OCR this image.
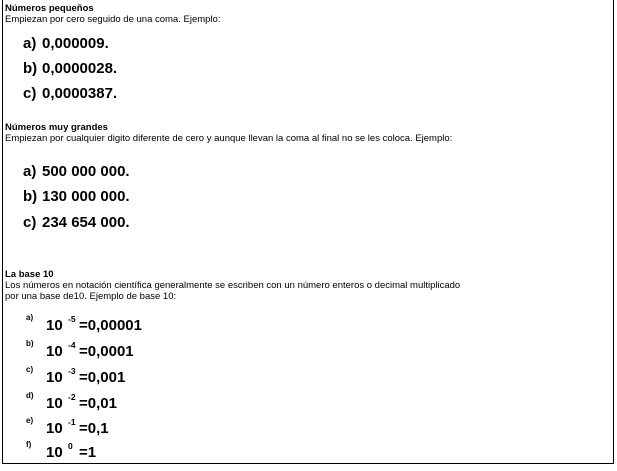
Números pequeños
Empiezan por cero seguido de una coma. Ejemplo:
a) 0,000009.
b) 0,0000028.
c) 0,0000387.
Números muy grandes
Empiezan por cualquier digito diferente de cero y aunque llevan la coma al final no se les coloca. Ejemplo:
a) 500 000 000.
b) 130 000 000.
c) 234 654 000.
La base 10
Los números en notación científica generalmente se escriben con un número enteros o decimal multiplicado
por una base de10. Ejemplo de base 10:
a) 10 -5 =0,00001
b) 10 -4 =0,0001
c) 10 -3 =0,001
d) 10 -2 =0,01
e) 10 -1 =0,1
f) 10 0 =1
